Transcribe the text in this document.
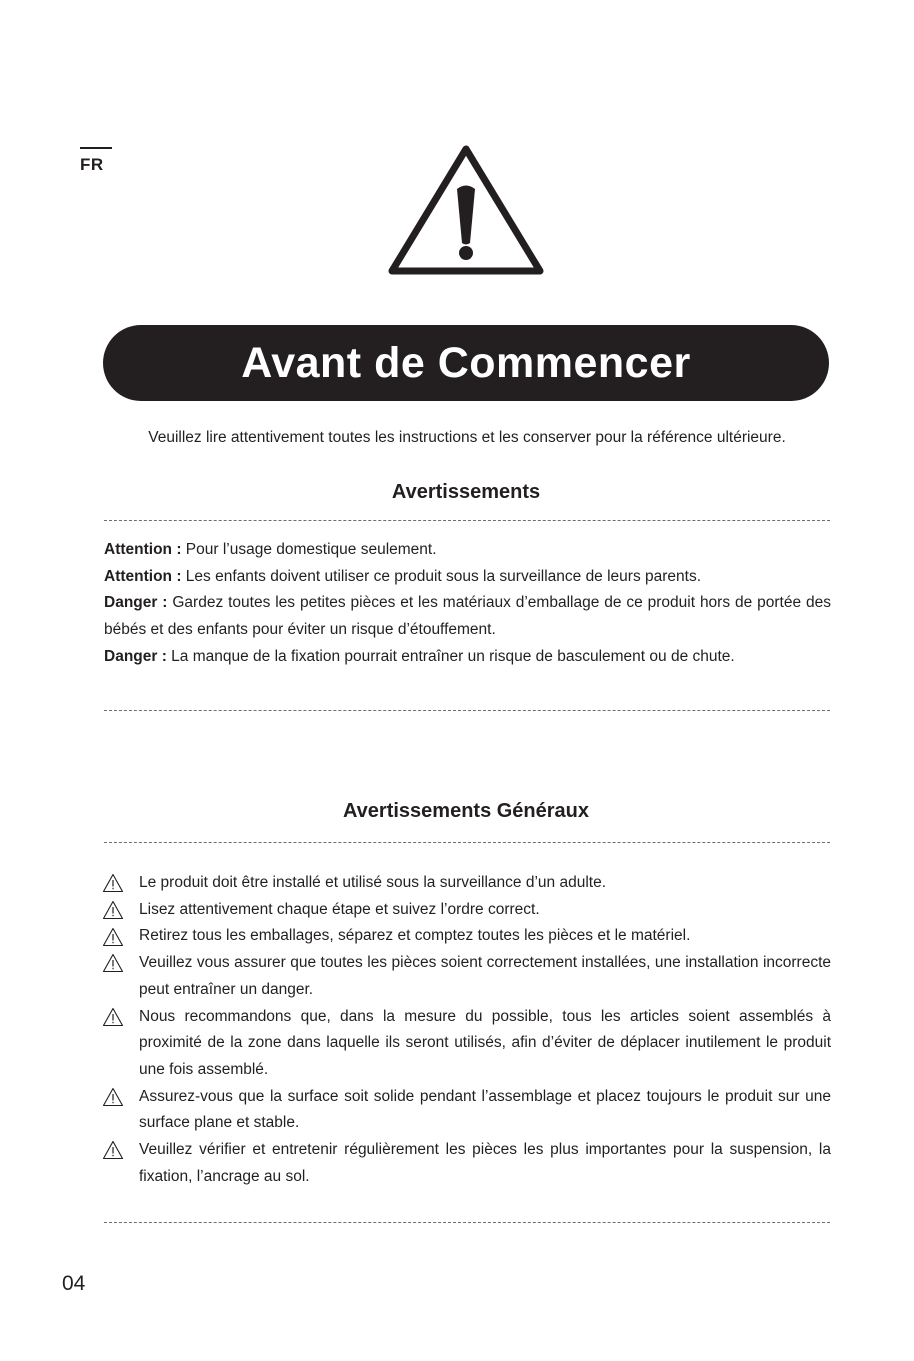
FR
Avant de Commencer
Veuillez lire attentivement toutes les instructions et les conserver pour la référence ultérieure.
Avertissements

Attention : Pour l’usage domestique seulement.

Attention : Les enfants doivent utiliser ce produit sous la surveillance de leurs parents.

Danger : Gardez toutes les petites pièces et les matériaux d’emballage de ce produit hors de portée des bébés et des enfants pour éviter un risque d’étouffement.

Danger : La manque de la fixation pourrait entraîner un risque de basculement ou de chute.

Avertissements Généraux
Le produit doit être installé et utilisé sous la surveillance d’un adulte.
Lisez attentivement chaque étape et suivez l’ordre correct.
Retirez tous les emballages, séparez et comptez toutes les pièces et le matériel.
Veuillez vous assurer que toutes les pièces soient correctement installées, une installation incorrecte peut entraîner un danger.
Nous recommandons que, dans la mesure du possible, tous les articles soient assemblés à proximité de la zone dans laquelle ils seront utilisés, afin d’éviter de déplacer inutilement le produit une fois assemblé.
Assurez-vous que la surface soit solide pendant l’assemblage et placez toujours le produit sur une surface plane et stable.
Veuillez vérifier et entretenir régulièrement les pièces les plus importantes pour la suspension, la fixation, l’ancrage au sol.
04
